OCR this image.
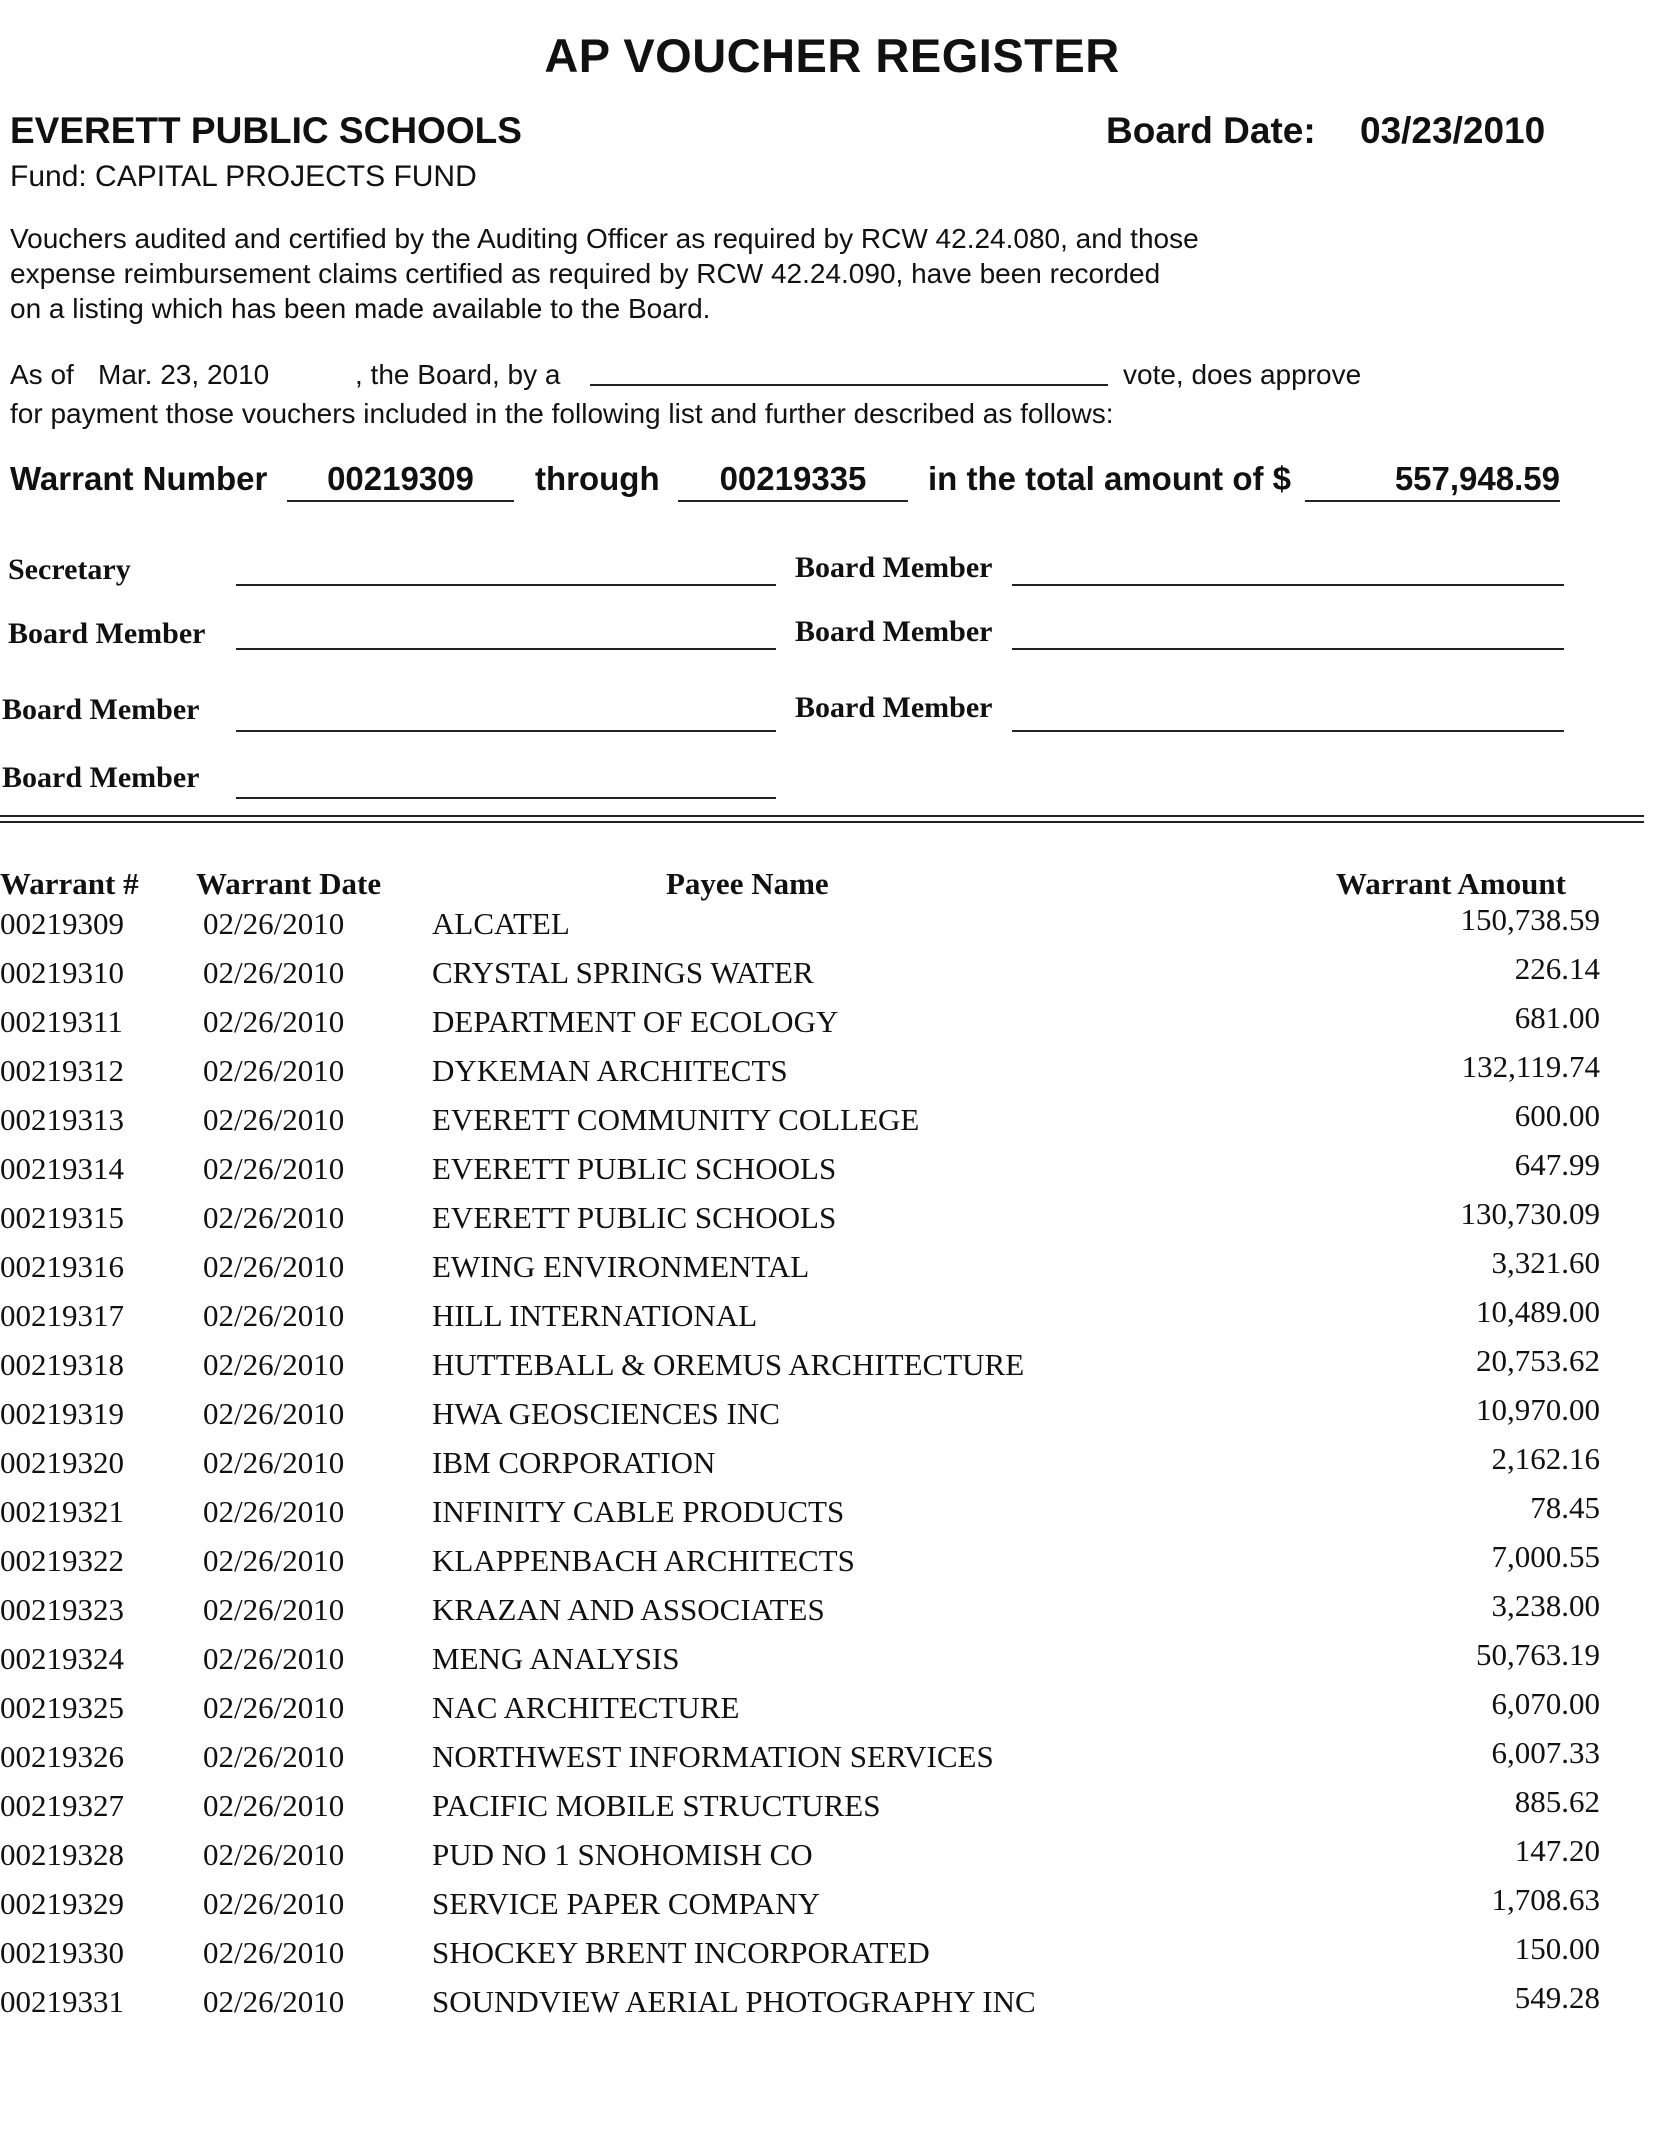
AP VOUCHER REGISTER
EVERETT PUBLIC SCHOOLS	Board Date: 03/23/2010
Fund: CAPITAL PROJECTS FUND
Vouchers audited and certified by the Auditing Officer as required by RCW 42.24.080, and those
expense reimbursement claims certified as required by RCW 42.24.090, have been recorded
on a listing which has been made available to the Board.
As of Mar. 23, 2010	, the Board, by a	vote, does approve
for payment those vouchers included in the following list and further described as follows:
Warrant Number	00219309	through	00219335	in the total amount of $	557,948.59
Secretary	Board Member
Board Member	Board Member
Board Member	Board Member
Board Member
Warrant # Warrant Date	Payee Name	Warrant Amount
00219309	02/26/2010	ALCATEL	150,738.59
00219310	02/26/2010	CRYSTAL SPRINGS WATER	226.14
00219311	02/26/2010	DEPARTMENT OF ECOLOGY	681.00
00219312	02/26/2010	DYKEMAN ARCHITECTS	132,119.74
00219313	02/26/2010	EVERETT COMMUNITY COLLEGE	600.00
00219314	02/26/2010	EVERETT PUBLIC SCHOOLS	647.99
00219315	02/26/2010	EVERETT PUBLIC SCHOOLS	130,730.09
00219316	02/26/2010	EWING ENVIRONMENTAL	3,321.60
00219317	02/26/2010	HILL INTERNATIONAL	10,489.00
00219318	02/26/2010	HUTTEBALL & OREMUS ARCHITECTURE	20,753.62
00219319	02/26/2010	HWA GEOSCIENCES INC	10,970.00
00219320	02/26/2010	IBM CORPORATION	2,162.16
00219321	02/26/2010	INFINITY CABLE PRODUCTS	78.45
00219322	02/26/2010	KLAPPENBACH ARCHITECTS	7,000.55
00219323	02/26/2010	KRAZAN AND ASSOCIATES	3,238.00
00219324	02/26/2010	MENG ANALYSIS	50,763.19
00219325	02/26/2010	NAC ARCHITECTURE	6,070.00
00219326	02/26/2010	NORTHWEST INFORMATION SERVICES	6,007.33
00219327	02/26/2010	PACIFIC MOBILE STRUCTURES	885.62
00219328	02/26/2010	PUD NO 1 SNOHOMISH CO	147.20
00219329	02/26/2010	SERVICE PAPER COMPANY	1,708.63
00219330	02/26/2010	SHOCKEY BRENT INCORPORATED	150.00
00219331	02/26/2010	SOUNDVIEW AERIAL PHOTOGRAPHY INC	549.28
